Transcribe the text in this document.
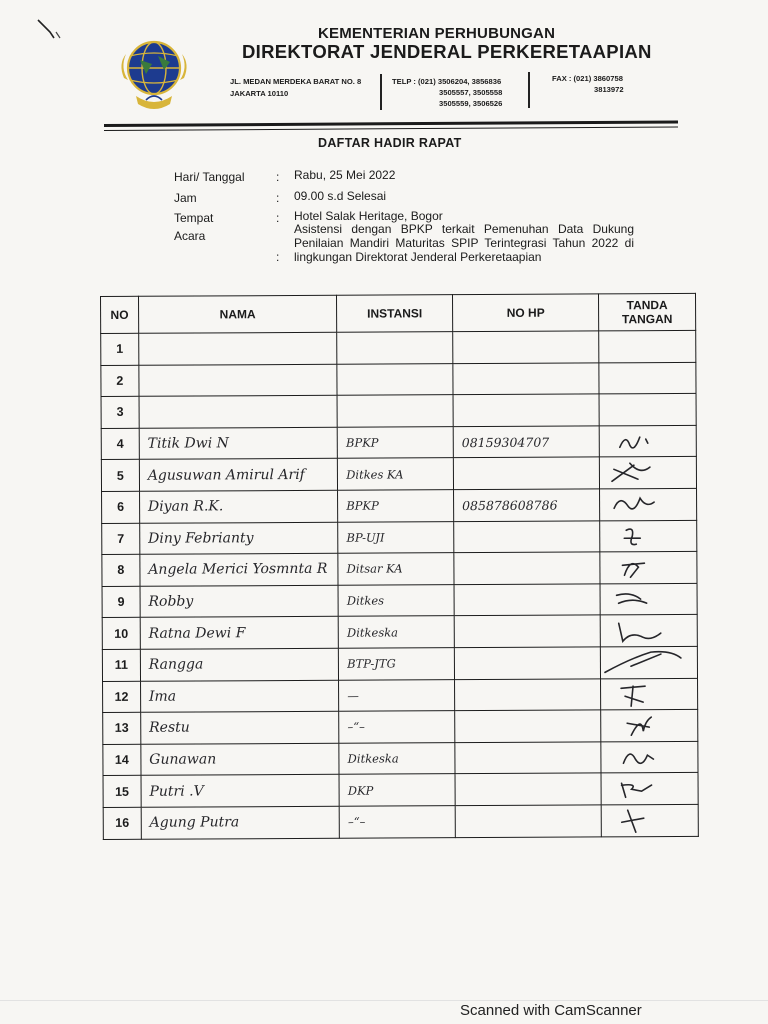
KEMENTERIAN PERHUBUNGAN
DIREKTORAT JENDERAL PERKERETAAPIAN
JL. MEDAN MERDEKA BARAT NO. 8
JAKARTA 10110
TELP : (021) 3506204, 3856836
3505557, 3505558
3505559, 3506526
FAX : (021) 3860758
3813972
DAFTAR HADIR RAPAT
Hari/ Tanggal	: Rabu, 25 Mei 2022
Jam	: 09.00 s.d Selesai
Tempat	: Hotel Salak Heritage, Bogor
Acara
:
Asistensi dengan BPKP terkait Pemenuhan Data Dukung Penilaian Mandiri Maturitas SPIP Terintegrasi Tahun 2022 di lingkungan Direktorat Jenderal Perkeretaapian
NO	NAMA	INSTANSI	NO HP	TANDA
TANGAN
1				
2				
3				
4	Titik Dwi N	BPKP	08159304707	

5	Agusuwan Amirul Arif	Ditkes KA		

6	Diyan R.K.	BPKP	085878608786	

7	Diny Febrianty	BP-UJI		

8	Angela Merici Yosmnta R	Ditsar KA		

9	Robby	Ditkes		

10	Ratna Dewi F	Ditkeska		

11	Rangga	BTP-JTG		

12	Ima	—		

13	Restu	–“–		

14	Gunawan	Ditkeska		

15	Putri .V	DKP		

16	Agung Putra	–“–		
Scanned with CamScanner
